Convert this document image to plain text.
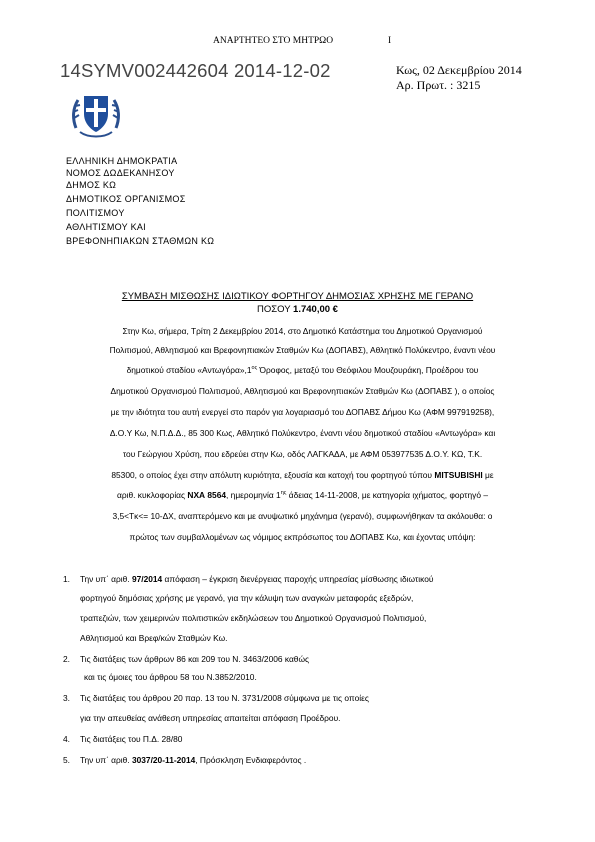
ΑΝΑΡΤΗΤΕΟ ΣΤΟ ΜΗΤΡΩΟ	Ι
14SYMV002442604 2014-12-02	Κως, 02 Δεκεμβρίου 2014
Αρ. Πρωτ. : 3215
ΕΛΛΗΝΙΚΗ ΔΗΜΟΚΡΑΤΙΑ
ΝΟΜΟΣ ΔΩΔΕΚΑΝΗΣΟΥ
ΔΗΜΟΣ ΚΩ
ΔΗΜΟΤΙΚΟΣ ΟΡΓΑΝΙΣΜΟΣ
ΠΟΛΙΤΙΣΜΟΥ
ΑΘΛΗΤΙΣΜΟΥ ΚΑΙ
ΒΡΕΦΟΝΗΠΙΑΚΩΝ ΣΤΑΘΜΩΝ ΚΩ
ΣΥΜΒΑΣΗ ΜΙΣΘΩΣΗΣ ΙΔΙΩΤΙΚΟΥ ΦΟΡΤΗΓΟΥ ΔΗΜΟΣΙΑΣ ΧΡΗΣΗΣ ΜΕ ΓΕΡΑΝΟ
ΠΟΣΟΥ 1.740,00 €
Στην Κω, σήμερα, Τρίτη 2 Δεκεμβρίου 2014, στο Δημοτικό Κατάστημα του Δημοτικού Οργανισμού
Πολιτισμού, Αθλητισμού και Βρεφονηπιακών Σταθμών Κω (ΔΟΠΑΒΣ), Αθλητικό Πολύκεντρο, έναντι νέου
δημοτικού σταδίου «$A\nu\tau\omega\gamma ό\rho\alpha»,1^{o\varsigma}$ Όροφος, μεταξύ του Θεόφιλου Μουζουράκη, Προέδρου του
Δημοτικού Οργανισμού Πολιτισμού, Αθλητισμού και Βρεφονηπιακών Σταθμών Κω (ΔΟΠΑΒΣ ), ο οποίος
με την ιδιότητα του αυτή ενεργεί στο παρόν για λογαριασμό του ΔΟΠΑΒΣ Δήμου Κω (ΑΦΜ 997919258),
Δ.Ο.Υ Κω, Ν.Π.Δ.Δ., 85 300 Κως, Αθλητικό Πολύκεντρο, έναντι νέου δημοτικού σταδίου «Αντωγόρα» και
του Γεώργιου Χρύση, που εδρεύει στην Κω, οδός ΛΑΓΚΑΔΑ, με ΑΦΜ 053977535 Δ.Ο.Υ. ΚΩ, Τ.Κ.
85300, ο οποίος έχει στην απόλυτη κυριότητα, εξουσία και κατοχή του φορτηγού τύπου MITSUBISHI με
αριθ. κυκλοφορίας ΝΧΑ 8564, ημερομηνία $1^{\eta\varsigma}$ άδειας 14-11-2008, με κατηγορία ιχήματος, φορτηγό –
3,5<Tκ<= 10-ΔΧ, αναπτερόμενο και με ανυψωτικό μηχάνημα (γερανό), συμφωνήθηκαν τα ακόλουθα: ο
πρώτος των συμβαλλομένων ως νόμιμος εκπρόσωπος του ΔΟΠΑΒΣ Κω, και έχοντας υπόψη:
1. Την υπ΄ αριθ. 97/2014 απόφαση – έγκριση διενέργειας παροχής υπηρεσίας μίσθωσης ιδιωτικού
φορτηγού δημόσιας χρήσης με γερανό, για την κάλυψη των αναγκών μεταφοράς εξεδρών,
τραπεζιών, των χειμερινών πολιτιστικών εκδηλώσεων του Δημοτικού Οργανισμού Πολιτισμού,
Αθλητισμού και Βρεφ/κών Σταθμών Κω.
2. Τις διατάξεις των άρθρων 86 και 209 του Ν. 3463/2006 καθώς
και τις όμοιες του άρθρου 58 του Ν.3852/2010.
3. Τις διατάξεις του άρθρου 20 παρ. 13 του Ν. 3731/2008 σύμφωνα με τις οποίες
για την απευθείας ανάθεση υπηρεσίας απαιτείται απόφαση Προέδρου.
4. Τις διατάξεις του Π.Δ. 28/80
5. Την υπ΄ αριθ. 3037/20-11-2014, Πρόσκληση Ενδιαφερόντος .
